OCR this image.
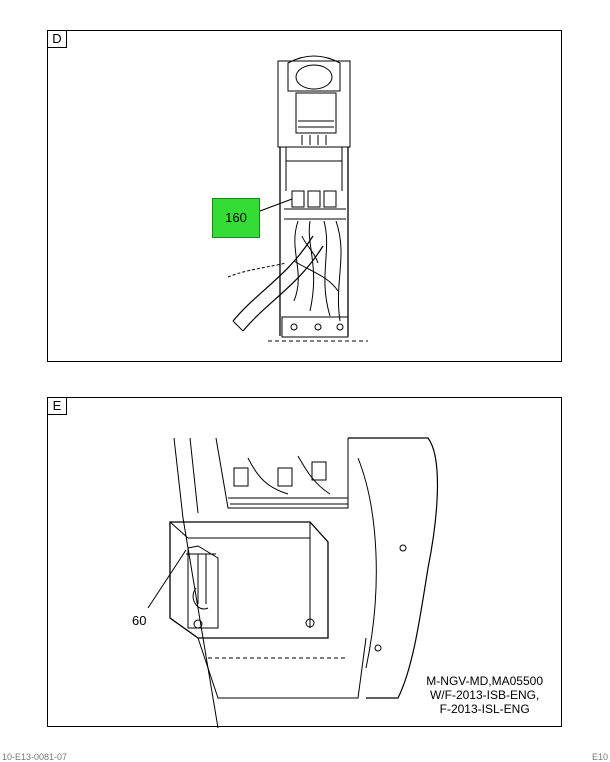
D
160
E
60
M-NGV-MD,MA05500
W/F-2013-ISB-ENG,
F-2013-ISL-ENG
10-E13-0081-07	E10
